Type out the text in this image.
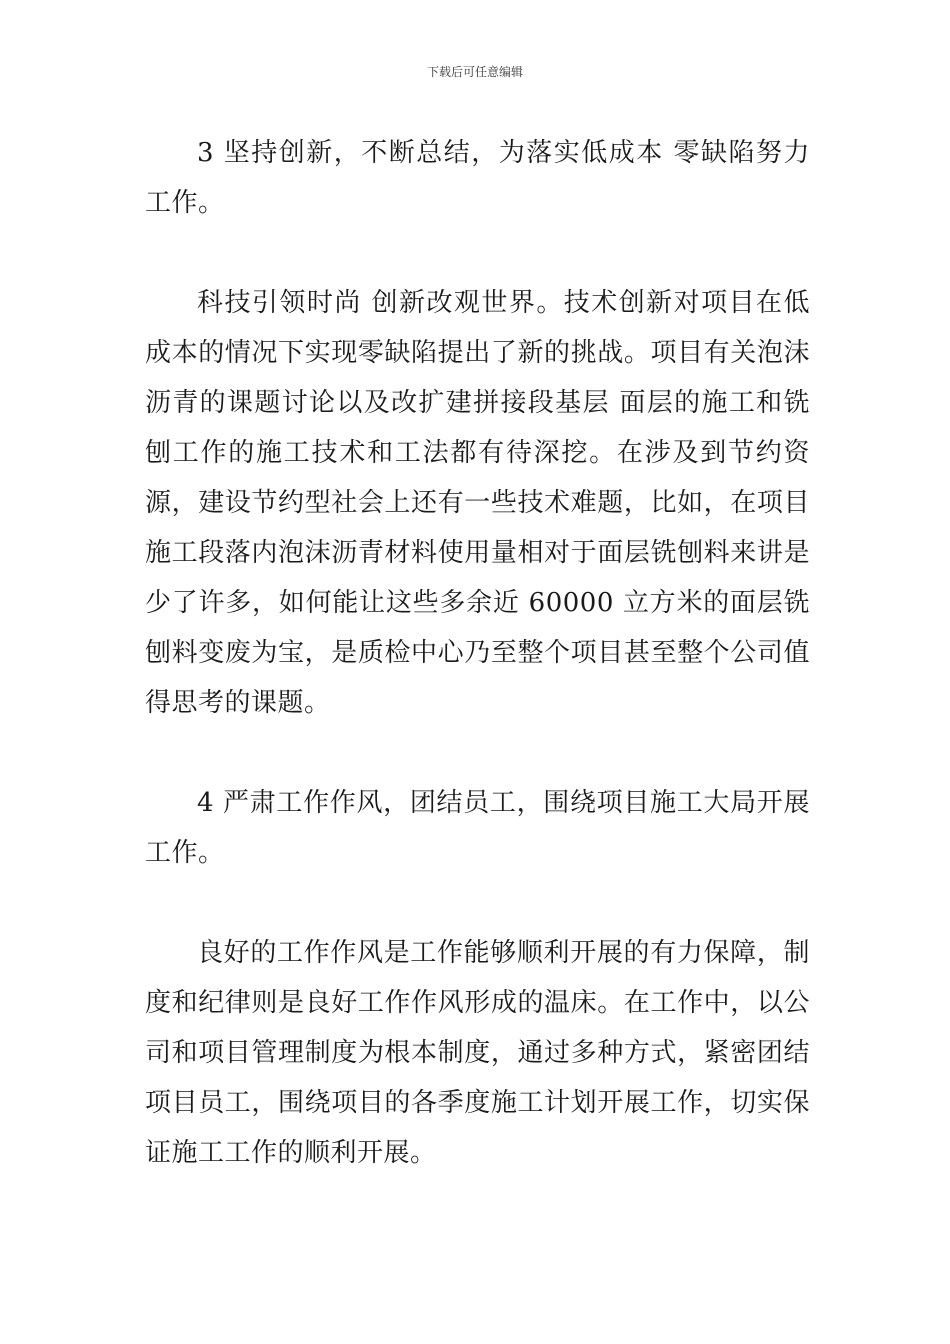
下载后可任意编辑

3 坚持创新，不断总结，为落实低成本 零缺陷努力工作。

科技引领时尚 创新改观世界。技术创新对项目在低成本的情况下实现零缺陷提出了新的挑战。项目有关泡沫沥青的课题讨论以及改扩建拼接段基层 面层的施工和铣刨工作的施工技术和工法都有待深挖。在涉及到节约资源，建设节约型社会上还有一些技术难题，比如，在项目施工段落内泡沫沥青材料使用量相对于面层铣刨料来讲是少了许多，如何能让这些多余近 60000 立方米的面层铣刨料变废为宝，是质检中心乃至整个项目甚至整个公司值得思考的课题。

4 严肃工作作风，团结员工，围绕项目施工大局开展工作。

良好的工作作风是工作能够顺利开展的有力保障，制度和纪律则是良好工作作风形成的温床。在工作中，以公司和项目管理制度为根本制度，通过多种方式，紧密团结项目员工，围绕项目的各季度施工计划开展工作，切实保证施工工作的顺利开展。
